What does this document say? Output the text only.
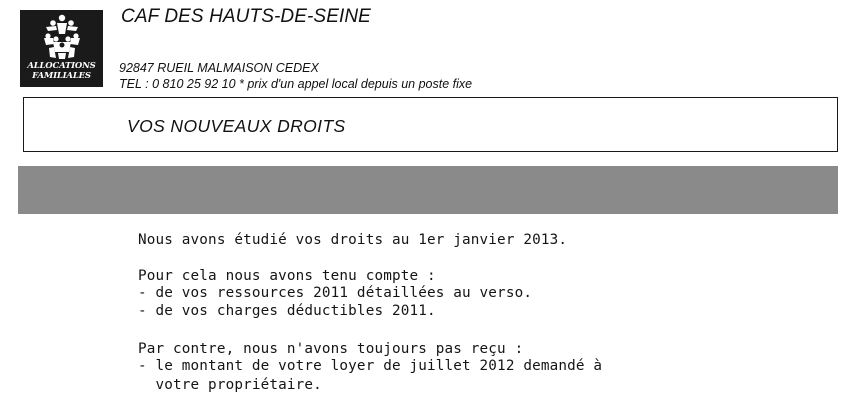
ALLOCATIONS
FAMILIALES
CAF DES HAUTS-DE-SEINE
92847 RUEIL MALMAISON CEDEX
TEL : 0 810 25 92 10 * prix d'un appel local depuis un poste fixe
VOS NOUVEAUX DROITS
Nous avons étudié vos droits au 1er janvier 2013.
Pour cela nous avons tenu compte :
- de vos ressources 2011 détaillées au verso.
- de vos charges déductibles 2011.
Par contre, nous n'avons toujours pas reçu :
- le montant de votre loyer de juillet 2012 demandé à
votre propriétaire.
